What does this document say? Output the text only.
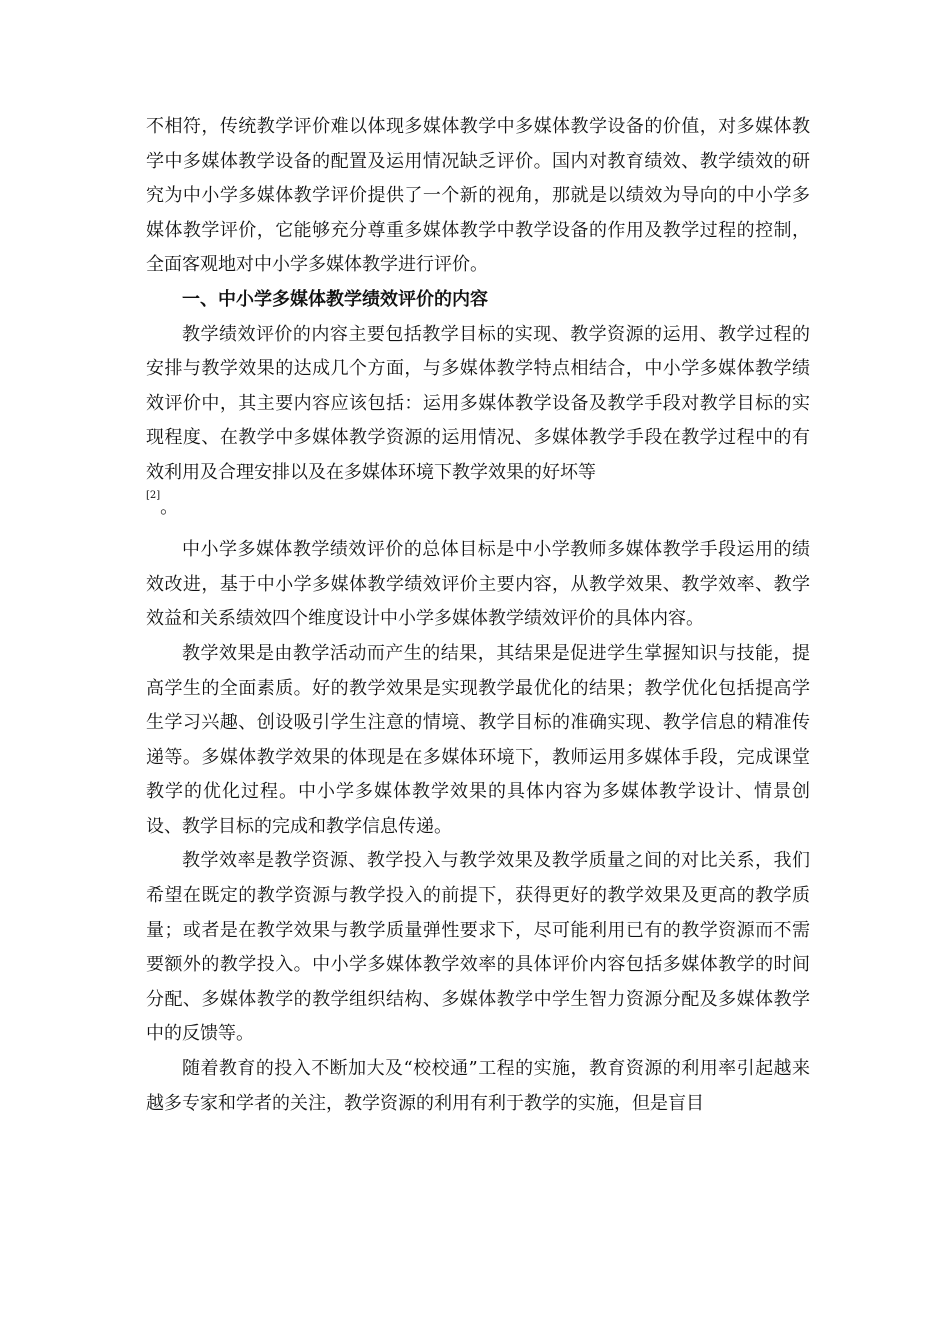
不相符，传统教学评价难以体现多媒体教学中多媒体教学设备的价值，对多媒体教学中多媒体教学设备的配置及运用情况缺乏评价。国内对教育绩效、教学绩效的研究为中小学多媒体教学评价提供了一个新的视角，那就是以绩效为导向的中小学多媒体教学评价，它能够充分尊重多媒体教学中教学设备的作用及教学过程的控制，全面客观地对中小学多媒体教学进行评价。

一、中小学多媒体教学绩效评价的内容

教学绩效评价的内容主要包括教学目标的实现、教学资源的运用、教学过程的安排与教学效果的达成几个方面，与多媒体教学特点相结合，中小学多媒体教学绩效评价中，其主要内容应该包括：运用多媒体教学设备及教学手段对教学目标的实现程度、在教学中多媒体教学资源的运用情况、多媒体教学手段在教学过程中的有效利用及合理安排以及在多媒体环境下教学效果的好坏等
[2]。

中小学多媒体教学绩效评价的总体目标是中小学教师多媒体教学手段运用的绩效改进，基于中小学多媒体教学绩效评价主要内容，从教学效果、教学效率、教学效益和关系绩效四个维度设计中小学多媒体教学绩效评价的具体内容。

教学效果是由教学活动而产生的结果，其结果是促进学生掌握知识与技能，提高学生的全面素质。好的教学效果是实现教学最优化的结果；教学优化包括提高学生学习兴趣、创设吸引学生注意的情境、教学目标的准确实现、教学信息的精准传递等。多媒体教学效果的体现是在多媒体环境下，教师运用多媒体手段，完成课堂教学的优化过程。中小学多媒体教学效果的具体内容为多媒体教学设计、情景创设、教学目标的完成和教学信息传递。

教学效率是教学资源、教学投入与教学效果及教学质量之间的对比关系，我们希望在既定的教学资源与教学投入的前提下，获得更好的教学效果及更高的教学质量；或者是在教学效果与教学质量弹性要求下，尽可能利用已有的教学资源而不需要额外的教学投入。中小学多媒体教学效率的具体评价内容包括多媒体教学的时间分配、多媒体教学的教学组织结构、多媒体教学中学生智力资源分配及多媒体教学中的反馈等。

随着教育的投入不断加大及“校校通”工程的实施，教育资源的利用率引起越来越多专家和学者的关注，教学资源的利用有利于教学的实施，但是盲目
